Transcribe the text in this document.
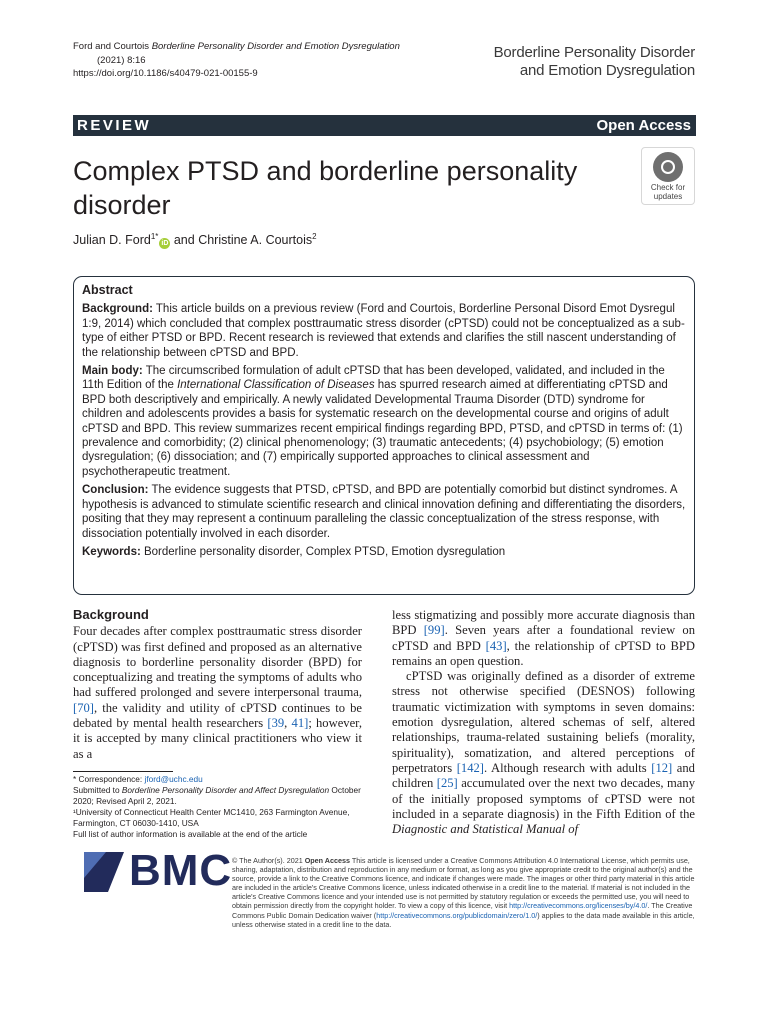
Ford and Courtois Borderline Personality Disorder and Emotion Dysregulation
(2021) 8:16
https://doi.org/10.1186/s40479-021-00155-9
Borderline Personality Disorder
and Emotion Dysregulation
REVIEW	Open Access
Complex PTSD and borderline personality disorder
Check for
updates
Julian D. Ford$^{1*}$iD and Christine A. Courtois$^2$
Abstract

Background: This article builds on a previous review (Ford and Courtois, Borderline Personal Disord Emot Dysregul 1:9, 2014) which concluded that complex posttraumatic stress disorder (cPTSD) could not be conceptualized as a sub-type of either PTSD or BPD. Recent research is reviewed that extends and clarifies the still nascent understanding of the relationship between cPTSD and BPD.

Main body: The circumscribed formulation of adult cPTSD that has been developed, validated, and included in the 11th Edition of the International Classification of Diseases has spurred research aimed at differentiating cPTSD and BPD both descriptively and empirically. A newly validated Developmental Trauma Disorder (DTD) syndrome for children and adolescents provides a basis for systematic research on the developmental course and origins of adult cPTSD and BPD. This review summarizes recent empirical findings regarding BPD, PTSD, and cPTSD in terms of: (1) prevalence and comorbidity; (2) clinical phenomenology; (3) traumatic antecedents; (4) psychobiology; (5) emotion dysregulation; (6) dissociation; and (7) empirically supported approaches to clinical assessment and psychotherapeutic treatment.

Conclusion: The evidence suggests that PTSD, cPTSD, and BPD are potentially comorbid but distinct syndromes. A hypothesis is advanced to stimulate scientific research and clinical innovation defining and differentiating the disorders, positing that they may represent a continuum paralleling the classic conceptualization of the stress response, with dissociation potentially involved in each disorder.

Keywords: Borderline personality disorder, Complex PTSD, Emotion dysregulation

Background

Four decades after complex posttraumatic stress disorder (cPTSD) was first defined and proposed as an alternative diagnosis to borderline personality disorder (BPD) for conceptualizing and treating the symptoms of adults who had suffered prolonged and severe interpersonal trauma, [70], the validity and utility of cPTSD continues to be debated by mental health researchers [39, 41]; however, it is accepted by many clinical practitioners who view it as a

less stigmatizing and possibly more accurate diagnosis than BPD [99]. Seven years after a foundational review on cPTSD and BPD [43], the relationship of cPTSD to BPD remains an open question.

cPTSD was originally defined as a disorder of extreme stress not otherwise specified (DESNOS) following traumatic victimization with symptoms in seven domains: emotion dysregulation, altered schemas of self, altered relationships, trauma-related sustaining beliefs (morality, spirituality), somatization, and altered perceptions of perpetrators [142]. Although research with adults [12] and children [25] accumulated over the next two decades, many of the initially proposed symptoms of cPTSD were not included in a separate diagnosis) in the Fifth Edition of the Diagnostic and Statistical Manual of

* Correspondence: jford@uchc.edu

Submitted to Borderline Personality Disorder and Affect Dysregulation October 2020; Revised April 2, 2021.

¹University of Connecticut Health Center MC1410, 263 Farmington Avenue, Farmington, CT 06030-1410, USA

Full list of author information is available at the end of the article

BMC © The Author(s). 2021 Open Access This article is licensed under a Creative Commons Attribution 4.0 International License, which permits use, sharing, adaptation, distribution and reproduction in any medium or format, as long as you give appropriate credit to the original author(s) and the source, provide a link to the Creative Commons licence, and indicate if changes were made. The images or other third party material in this article are included in the article's Creative Commons licence, unless indicated otherwise in a credit line to the material. If material is not included in the article's Creative Commons licence and your intended use is not permitted by statutory regulation or exceeds the permitted use, you will need to obtain permission directly from the copyright holder. To view a copy of this licence, visit http://creativecommons.org/licenses/by/4.0/. The Creative Commons Public Domain Dedication waiver (http://creativecommons.org/publicdomain/zero/1.0/) applies to the data made available in this article, unless otherwise stated in a credit line to the data.
